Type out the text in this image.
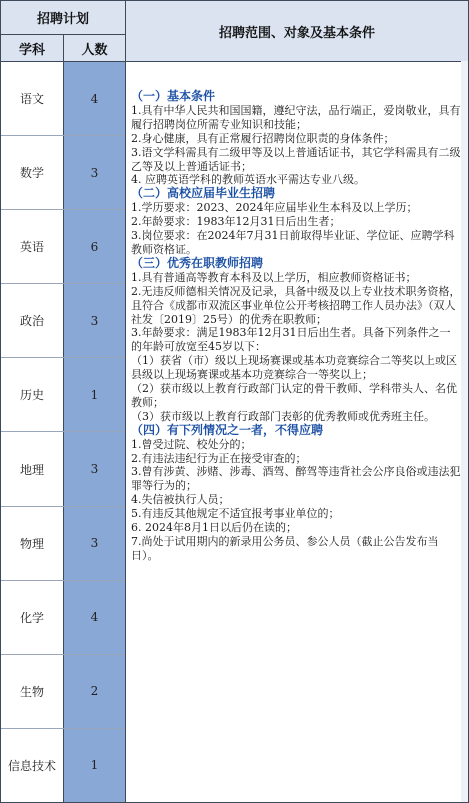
招聘计划
学科	人数
招聘范围、对象及基本条件
语文	4
数学	3
英语	6
政治	3
历史	1
地理	3
物理	3
化学	4
生物	2
信息技术	1

（一）基本条件

1.具有中华人民共和国国籍，遵纪守法，品行端正，爱岗敬业，具有履行招聘岗位所需专业知识和技能；

2.身心健康，具有正常履行招聘岗位职责的身体条件；

3.语文学科需具有二级甲等及以上普通话证书，其它学科需具有二级乙等及以上普通话证书；

4. 应聘英语学科的教师英语水平需达专业八级。

（二）高校应届毕业生招聘

1.学历要求：2023、2024年应届毕业生本科及以上学历；

2.年龄要求：1983年12月31日后出生者；

3.岗位要求：在2024年7月31日前取得毕业证、学位证、应聘学科教师资格证。

（三）优秀在职教师招聘

1.具有普通高等教育本科及以上学历，相应教师资格证书；

2.无违反师德相关情况及记录，具备中级及以上专业技术职务资格，且符合《成都市双流区事业单位公开考核招聘工作人员办法》（双人社发〔2019〕25号）的优秀在职教师；

3.年龄要求：满足1983年12月31日后出生者。具备下列条件之一的年龄可放宽至45岁以下：

（1）获省（市）级以上现场赛课或基本功竞赛综合二等奖以上或区县级以上现场赛课或基本功竞赛综合一等奖以上；

（2）获市级以上教育行政部门认定的骨干教师、学科带头人、名优教师；

（3）获市级以上教育行政部门表彰的优秀教师或优秀班主任。

（四）有下列情况之一者，不得应聘

1.曾受过院、校处分的；

2.有违法违纪行为正在接受审查的；

3.曾有涉黄、涉赌、涉毒、酒驾、醉驾等违背社会公序良俗或违法犯罪等行为的；

4.失信被执行人员；

5.有违反其他规定不适宜报考事业单位的；

6. 2024年8月1日以后仍在读的；

7.尚处于试用期内的新录用公务员、参公人员（截止公告发布当日）。
